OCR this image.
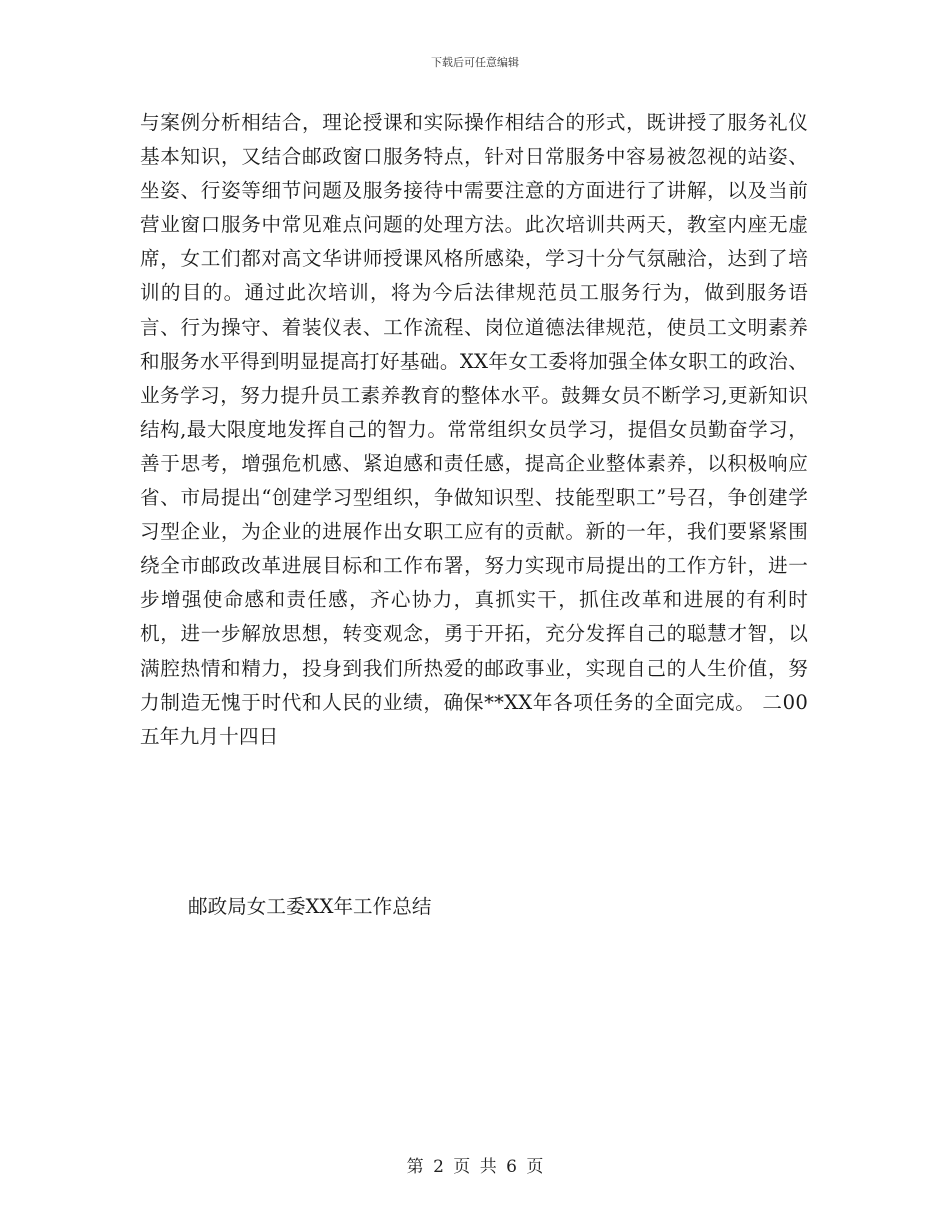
下载后可任意编辑

与案例分析相结合，理论授课和实际操作相结合的形式，既讲授了服务礼仪基本知识，又结合邮政窗口服务特点，针对日常服务中容易被忽视的站姿、坐姿、行姿等细节问题及服务接待中需要注意的方面进行了讲解，以及当前营业窗口服务中常见难点问题的处理方法。此次培训共两天，教室内座无虚席，女工们都对高文华讲师授课风格所感染，学习十分气氛融洽，达到了培训的目的。通过此次培训，将为今后法律规范员工服务行为，做到服务语言、行为操守、着装仪表、工作流程、岗位道德法律规范，使员工文明素养和服务水平得到明显提高打好基础。XX年女工委将加强全体女职工的政治、业务学习，努力提升员工素养教育的整体水平。鼓舞女员不断学习,更新知识结构,最大限度地发挥自己的智力。常常组织女员学习，提倡女员勤奋学习，善于思考，增强危机感、紧迫感和责任感，提高企业整体素养，以积极响应省、市局提出“创建学习型组织，争做知识型、技能型职工”号召，争创建学习型企业，为企业的进展作出女职工应有的贡献。新的一年，我们要紧紧围绕全市邮政改革进展目标和工作布署，努力实现市局提出的工作方针，进一步增强使命感和责任感，齐心协力，真抓实干，抓住改革和进展的有利时机，进一步解放思想，转变观念，勇于开拓，充分发挥自己的聪慧才智，以满腔热情和精力，投身到我们所热爱的邮政事业，实现自己的人生价值，努力制造无愧于时代和人民的业绩，确保**XX年各项任务的全面完成。 二00五年九月十四日

邮政局女工委XX年工作总结

第 2 页 共 6 页
